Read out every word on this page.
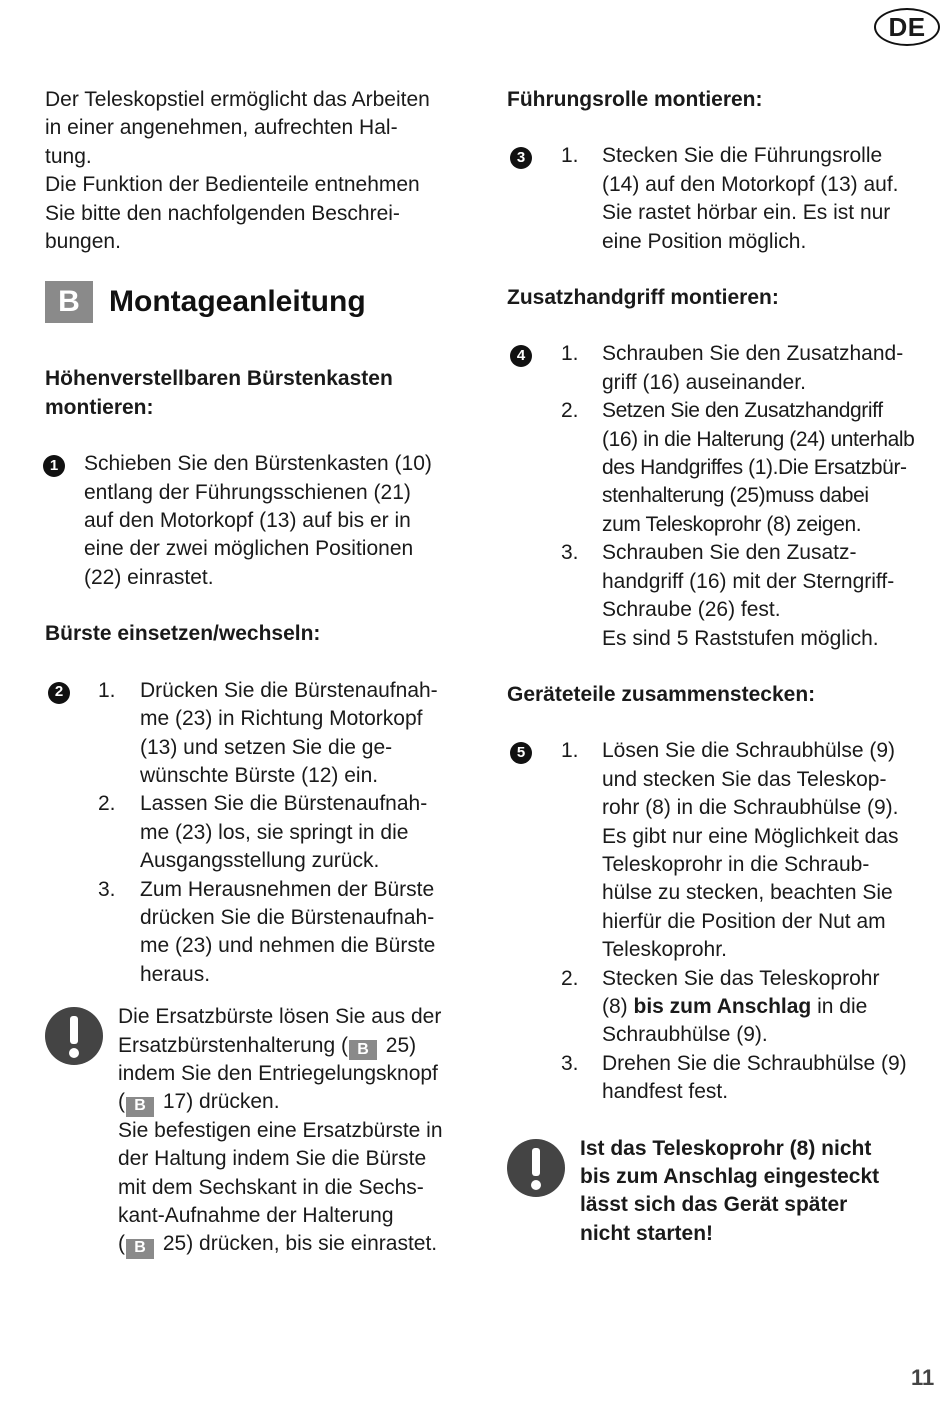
DE
Der Teleskopstiel ermöglicht das Arbeiten
in einer angenehmen, aufrechten Hal-
tung.
Die Funktion der Bedienteile entnehmen
Sie bitte den nachfolgenden Beschrei-
bungen.
B Montageanleitung
Höhenverstellbaren Bürstenkasten
montieren:
1	Schieben Sie den Bürstenkasten (10)
entlang der Führungsschienen (21)
auf den Motorkopf (13) auf bis er in
eine der zwei möglichen Positionen
(22) einrastet.
Bürste einsetzen/wechseln:
2	1.	Drücken Sie die Bürstenaufnah-
me (23) in Richtung Motorkopf
(13) und setzen Sie die ge-
wünschte Bürste (12) ein.
2.	Lassen Sie die Bürstenaufnah-
me (23) los, sie springt in die
Ausgangsstellung zurück.
3.	Zum Herausnehmen der Bürste
drücken Sie die Bürstenaufnah-
me (23) und nehmen die Bürste
heraus.
Die Ersatzbürste lösen Sie aus der
Ersatzbürstenhalterung ( B 25)
indem Sie den Entriegelungsknopf
( B 17) drücken.
Sie befestigen eine Ersatzbürste in
der Haltung indem Sie die Bürste
mit dem Sechskant in die Sechs-
kant-Aufnahme der Halterung
( B 25) drücken, bis sie einrastet.
Führungsrolle montieren:
3	1.	Stecken Sie die Führungsrolle
(14) auf den Motorkopf (13) auf.
Sie rastet hörbar ein. Es ist nur
eine Position möglich.
Zusatzhandgriff montieren:
4	1.	Schrauben Sie den Zusatzhand-
griff (16) auseinander.
2.	Setzen Sie den Zusatzhandgriff
(16) in die Halterung (24) unterhalb
des Handgriffes (1).Die Ersatzbür-
stenhalterung (25)muss dabei
zum Teleskoprohr (8) zeigen.
3.	Schrauben Sie den Zusatz-
handgriff (16) mit der Sterngriff-
Schraube (26) fest.
Es sind 5 Raststufen möglich.
Geräteteile zusammenstecken:
5	1.	Lösen Sie die Schraubhülse (9)
und stecken Sie das Teleskop-
rohr (8) in die Schraubhülse (9).
Es gibt nur eine Möglichkeit das
Teleskoprohr in die Schraub-
hülse zu stecken, beachten Sie
hierfür die Position der Nut am
Teleskoprohr.
2.	Stecken Sie das Teleskoprohr
(8) bis zum Anschlag in die
Schraubhülse (9).
3.	Drehen Sie die Schraubhülse (9)
handfest fest.
Ist das Teleskoprohr (8) nicht
bis zum Anschlag eingesteckt
lässt sich das Gerät später
nicht starten!
11
